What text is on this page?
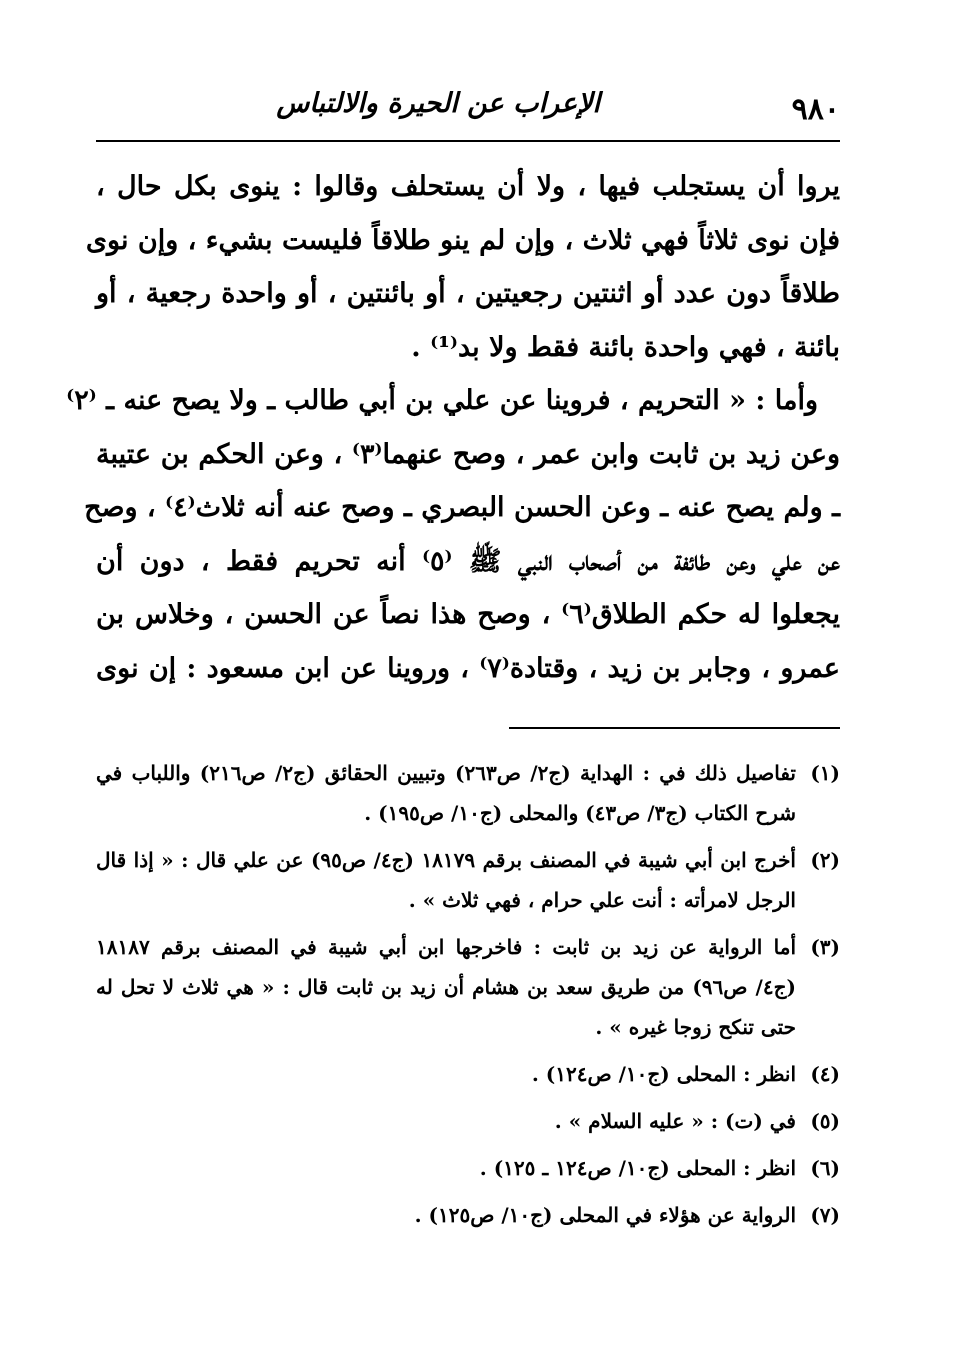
٩٨٠
الإعراب عن الحيرة والالتباس

يروا أن يستجلب فيها ، ولا أن يستحلف وقالوا : ينوى بكل حال ،
فإن نوى ثلاثاً فهي ثلاث ، وإن لم ينو طلاقاً فليست بشيء ، وإن نوى
طلاقاً دون عدد أو اثنتين رجعيتين ، أو بائنتين ، أو واحدة رجعية ، أو
بائنة ، فهي واحدة بائنة فقط ولا بد⁽¹⁾ .

وأما : « التحريم ، فروينا عن علي بن أبي طالب ـ ولا يصح عنه ـ ⁽٢⁾
وعن زيد بن ثابت وابن عمر ، وصح عنهما⁽٣⁾ ، وعن الحكم بن عتيبة
ـ ولم يصح عنه ـ وعن الحسن البصري ـ وصح عنه أنه ثلاث⁽٤⁾ ، وصح
عن علي وعن طائفة من أصحاب النبي ﷺ ⁽٥⁾ أنه تحريم فقط ، دون أن
يجعلوا له حكم الطلاق⁽٦⁾ ، وصح هذا نصاً عن الحسن ، وخلاس بن
عمرو ، وجابر بن زيد ، وقتادة⁽٧⁾ ، وروينا عن ابن مسعود : إن نوى

(١)
تفاصيل ذلك في : الهداية (ج٢/ ص٢٦٣) وتبيين الحقائق (ج٢/ ص٢١٦) واللباب في
شرح الكتاب (ج٣/ ص٤٣) والمحلى (ج١٠/ ص١٩٥) .
(٢)
أخرج ابن أبي شيبة في المصنف برقم ١٨١٧٩ (ج٤/ ص٩٥) عن علي قال : « إذا قال
الرجل لامرأته : أنت علي حرام ، فهي ثلاث » .
(٣)
أما الرواية عن زيد بن ثابت : فاخرجها ابن أبي شيبة في المصنف برقم ١٨١٨٧
(ج٤/ ص٩٦) من طريق سعد بن هشام أن زيد بن ثابت قال : « هي ثلاث لا تحل له
حتى تنكح زوجا غيره » .
(٤)
انظر : المحلى (ج١٠/ ص١٢٤) .
(٥)
في (ت) : « عليه السلام » .
(٦)
انظر : المحلى (ج١٠/ ص١٢٤ ـ ١٢٥) .
(٧)
الرواية عن هؤلاء في المحلى (ج١٠/ ص١٢٥) .
